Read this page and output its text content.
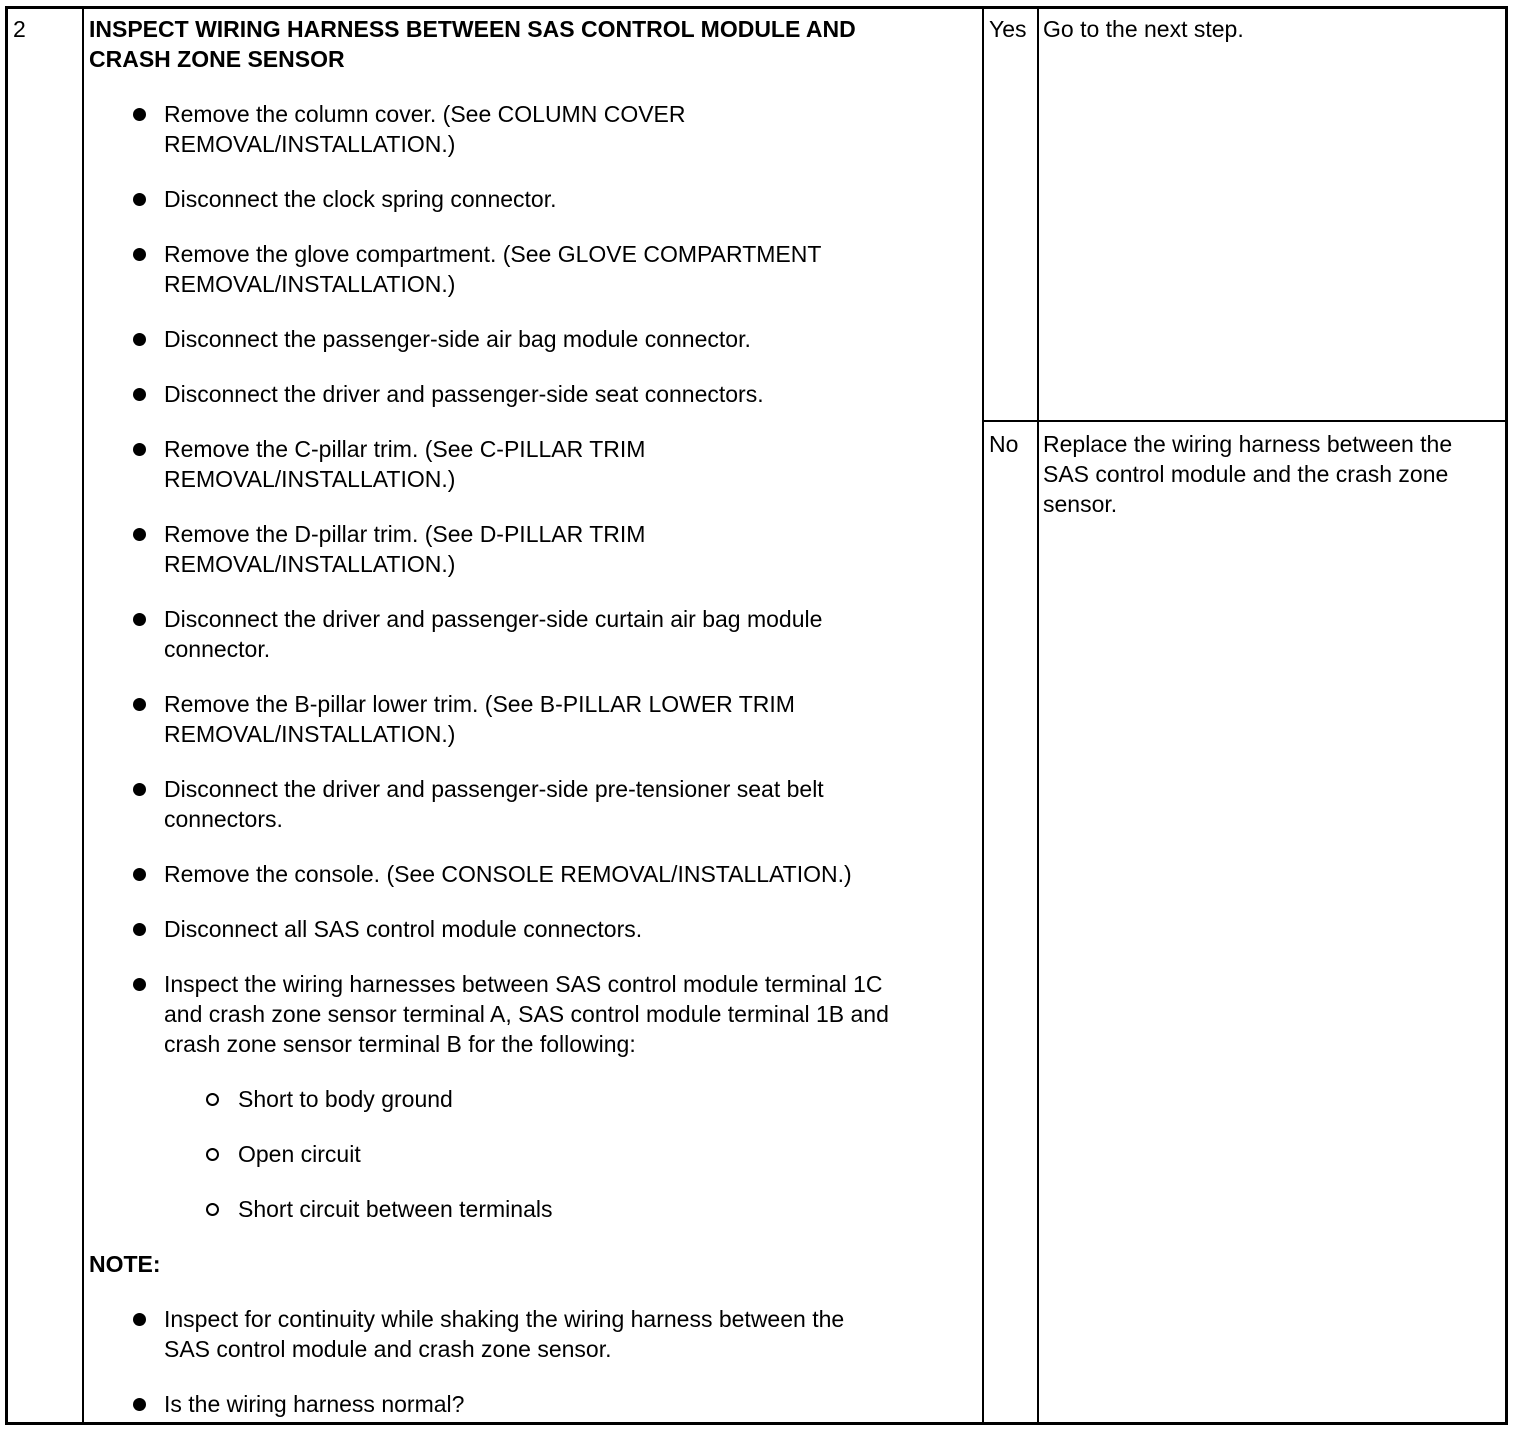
2	INSPECT WIRING HARNESS BETWEEN SAS CONTROL MODULE AND
CRASH ZONE SENSOR
Remove the column cover. (See COLUMN COVER
REMOVAL/INSTALLATION.)
Disconnect the clock spring connector.
Remove the glove compartment. (See GLOVE COMPARTMENT
REMOVAL/INSTALLATION.)
Disconnect the passenger-side air bag module connector.
Disconnect the driver and passenger-side seat connectors.
Remove the C-pillar trim. (See C-PILLAR TRIM
REMOVAL/INSTALLATION.)
Remove the D-pillar trim. (See D-PILLAR TRIM
REMOVAL/INSTALLATION.)
Disconnect the driver and passenger-side curtain air bag module
connector.
Remove the B-pillar lower trim. (See B-PILLAR LOWER TRIM
REMOVAL/INSTALLATION.)
Disconnect the driver and passenger-side pre-tensioner seat belt
connectors.
Remove the console. (See CONSOLE REMOVAL/INSTALLATION.)
Disconnect all SAS control module connectors.
Inspect the wiring harnesses between SAS control module terminal 1C
and crash zone sensor terminal A, SAS control module terminal 1B and
crash zone sensor terminal B for the following:
Short to body ground
Open circuit
Short circuit between terminals
NOTE:
Inspect for continuity while shaking the wiring harness between the
SAS control module and crash zone sensor.
Is the wiring harness normal?
Yes Go to the next step.
No Replace the wiring harness between the
SAS control module and the crash zone
sensor.
